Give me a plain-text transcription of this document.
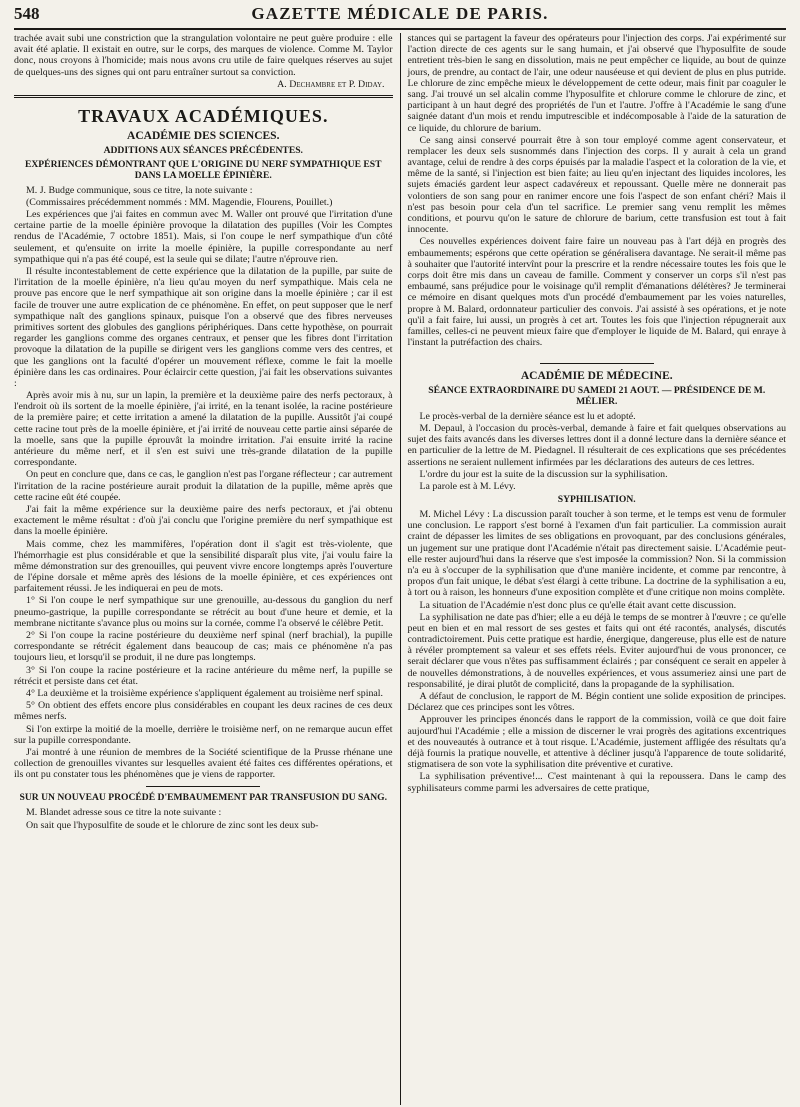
548	GAZETTE MÉDICALE DE PARIS.

trachée avait subi une constriction que la strangulation volontaire ne peut guère produire : elle avait été aplatie. Il existait en outre, sur le corps, des marques de violence. Comme M. Taylor donc, nous croyons à l'homicide; mais nous avons cru utile de faire quelques réserves au sujet de quelques-uns des signes qui ont paru entraîner surtout sa conviction.

A. Dechambre et P. Diday.
TRAVAUX ACADÉMIQUES.
ACADÉMIE DES SCIENCES.
ADDITIONS AUX SÉANCES PRÉCÉDENTES.
EXPÉRIENCES DÉMONTRANT QUE L'ORIGINE DU NERF SYMPATHIQUE EST DANS LA MOELLE ÉPINIÈRE.

M. J. Budge communique, sous ce titre, la note suivante :

(Commissaires précédemment nommés : MM. Magendie, Flourens, Pouillet.)

Les expériences que j'ai faites en commun avec M. Waller ont prouvé que l'irritation d'une certaine partie de la moelle épinière provoque la dilatation des pupilles (Voir les Comptes rendus de l'Académie, 7 octobre 1851). Mais, si l'on coupe le nerf sympathique d'un côté seulement, et qu'ensuite on irrite la moelle épinière, la pupille correspondante au nerf sympathique qui n'a pas été coupé, est la seule qui se dilate; l'autre n'éprouve rien.

Il résulte incontestablement de cette expérience que la dilatation de la pupille, par suite de l'irritation de la moelle épinière, n'a lieu qu'au moyen du nerf sympathique. Mais cela ne prouve pas encore que le nerf sympathique ait son origine dans la moelle épinière ; car il est facile de trouver une autre explication de ce phénomène. En effet, on peut supposer que le nerf sympathique naît des ganglions spinaux, puisque l'on a observé que des fibres nerveuses primitives sortent des globules des ganglions périphériques. Dans cette hypothèse, on pourrait regarder les ganglions comme des organes centraux, et penser que les fibres dont l'irritation provoque la dilatation de la pupille se dirigent vers les ganglions comme vers des centres, et que les ganglions ont la faculté d'opérer un mouvement réflexe, comme le fait la moelle épinière dans les cas ordinaires. Pour éclaircir cette question, j'ai fait les observations suivantes :

Après avoir mis à nu, sur un lapin, la première et la deuxième paire des nerfs pectoraux, à l'endroit où ils sortent de la moelle épinière, j'ai irrité, en la tenant isolée, la racine postérieure de la première paire; et cette irritation a amené la dilatation de la pupille. Aussitôt j'ai coupé cette racine tout près de la moelle épinière, et j'ai irrité de nouveau cette partie ainsi séparée de la moelle, sans que la pupille éprouvât la moindre irritation. J'ai ensuite irrité la racine antérieure du même nerf, et il s'en est suivi une très-grande dilatation de la pupille correspondante.

On peut en conclure que, dans ce cas, le ganglion n'est pas l'organe réflecteur ; car autrement l'irritation de la racine postérieure aurait produit la dilatation de la pupille, même après que cette racine eût été coupée.

J'ai fait la même expérience sur la deuxième paire des nerfs pectoraux, et j'ai obtenu exactement le même résultat : d'où j'ai conclu que l'origine première du nerf sympathique est dans la moelle épinière.

Mais comme, chez les mammifères, l'opération dont il s'agit est très-violente, que l'hémorrhagie est plus considérable et que la sensibilité disparaît plus vite, j'ai voulu faire la même démonstration sur des grenouilles, qui peuvent vivre encore longtemps après l'ouverture de l'épine dorsale et même après des lésions de la moelle épinière, et ces expériences ont parfaitement réussi. Je les indiquerai en peu de mots.

1° Si l'on coupe le nerf sympathique sur une grenouille, au-dessous du ganglion du nerf pneumo-gastrique, la pupille correspondante se rétrécit au bout d'une heure et demie, et la membrane nictitante s'avance plus ou moins sur la cornée, comme l'a observé le célèbre Petit.

2° Si l'on coupe la racine postérieure du deuxième nerf spinal (nerf brachial), la pupille correspondante se rétrécit également dans beaucoup de cas; mais ce phénomène n'a pas toujours lieu, et lorsqu'il se produit, il ne dure pas longtemps.

3° Si l'on coupe la racine postérieure et la racine antérieure du même nerf, la pupille se rétrécit et persiste dans cet état.

4° La deuxième et la troisième expérience s'appliquent également au troisième nerf spinal.

5° On obtient des effets encore plus considérables en coupant les deux racines de ces deux mêmes nerfs.

Si l'on extirpe la moitié de la moelle, derrière le troisième nerf, on ne remarque aucun effet sur la pupille correspondante.

J'ai montré à une réunion de membres de la Société scientifique de la Prusse rhénane une collection de grenouilles vivantes sur lesquelles avaient été faites ces différentes opérations, et ils ont pu constater tous les phénomènes que je viens de rapporter.

SUR UN NOUVEAU PROCÉDÉ D'EMBAUMEMENT PAR TRANSFUSION DU SANG.

M. Blandet adresse sous ce titre la note suivante :

On sait que l'hyposulfite de soude et le chlorure de zinc sont les deux sub-

stances qui se partagent la faveur des opérateurs pour l'injection des corps. J'ai expérimenté sur l'action directe de ces agents sur le sang humain, et j'ai observé que l'hyposulfite de soude entretient très-bien le sang en dissolution, mais ne peut empêcher ce liquide, au bout de quinze jours, de prendre, au contact de l'air, une odeur nauséeuse et qui devient de plus en plus putride. Le chlorure de zinc empêche mieux le développement de cette odeur, mais finit par coaguler le sang. J'ai trouvé un sel alcalin comme l'hyposulfite et chlorure comme le chlorure de zinc, et participant à un haut degré des propriétés de l'un et l'autre. J'offre à l'Académie le sang d'une saignée datant d'un mois et rendu imputrescible et indécomposable à l'aide de la saturation de ce liquide, du chlorure de barium.

Ce sang ainsi conservé pourrait être à son tour employé comme agent conservateur, et remplacer les deux sels susnommés dans l'injection des corps. Il y aurait à cela un grand avantage, celui de rendre à des corps épuisés par la maladie l'aspect et la coloration de la vie, et même de la santé, si l'injection est bien faite; au lieu qu'en injectant des liquides incolores, les sujets émaciés gardent leur aspect cadavéreux et repoussant. Quelle mère ne donnerait pas volontiers de son sang pour en ranimer encore une fois l'aspect de son enfant chéri? Mais il n'est pas besoin pour cela d'un tel sacrifice. Le premier sang venu remplit les mêmes conditions, et pourvu qu'on le sature de chlorure de barium, cette transfusion est tout à fait innocente.

Ces nouvelles expériences doivent faire faire un nouveau pas à l'art déjà en progrès des embaumements; espérons que cette opération se généralisera davantage. Ne serait-il même pas à souhaiter que l'autorité intervînt pour la prescrire et la rendre nécessaire toutes les fois que le corps doit être mis dans un caveau de famille. Comment y conserver un corps s'il n'est pas embaumé, sans préjudice pour le voisinage qu'il remplit d'émanations délétères? Je terminerai ce mémoire en disant quelques mots d'un procédé d'embaumement par les voies naturelles, propre à M. Balard, ordonnateur particulier des convois. J'ai assisté à ses opérations, et je note qu'il a fait faire, lui aussi, un progrès à cet art. Toutes les fois que l'injection répugnerait aux familles, celles-ci ne peuvent mieux faire que d'employer le liquide de M. Balard, qui enraye à l'instant la putréfaction des chairs.

ACADÉMIE DE MÉDECINE.
SÉANCE EXTRAORDINAIRE DU SAMEDI 21 AOUT. — PRÉSIDENCE DE M. MÉLIER.

Le procès-verbal de la dernière séance est lu et adopté.

M. Depaul, à l'occasion du procès-verbal, demande à faire et fait quelques observations au sujet des faits avancés dans les diverses lettres dont il a donné lecture dans la dernière séance et en particulier de la lettre de M. Piedagnel. Il résulterait de ces explications que ses précédentes assertions ne seraient nullement infirmées par les déclarations des auteurs de ces lettres.

L'ordre du jour est la suite de la discussion sur la syphilisation.

La parole est à M. Lévy.

SYPHILISATION.

M. Michel Lévy : La discussion paraît toucher à son terme, et le temps est venu de formuler une conclusion. Le rapport s'est borné à l'examen d'un fait particulier. La commission aurait craint de dépasser les limites de ses obligations en provoquant, par des conclusions générales, un jugement sur une pratique dont l'Académie n'était pas directement saisie. L'Académie peut-elle rester aujourd'hui dans la réserve que s'est imposée la commission? Non. Si la commission n'a eu à s'occuper de la syphilisation que d'une manière incidente, et comme par rencontre, à propos d'un fait unique, le débat s'est élargi à cette tribune. La doctrine de la syphilisation a eu, à tort ou à raison, les honneurs d'une exposition complète et d'une critique non moins complète.

La situation de l'Académie n'est donc plus ce qu'elle était avant cette discussion.

La syphilisation ne date pas d'hier; elle a eu déjà le temps de se montrer à l'œuvre ; ce qu'elle peut en bien et en mal ressort de ses gestes et faits qui ont été racontés, analysés, discutés contradictoirement. Puis cette pratique est hardie, énergique, dangereuse, plus elle est de nature à révéler promptement sa valeur et ses effets réels. Eviter aujourd'hui de vous prononcer, ce serait déclarer que vous n'êtes pas suffisamment éclairés ; par conséquent ce serait en appeler à de nouvelles démonstrations, à de nouvelles expériences, et vous assumeriez ainsi une part de responsabilité, je dirai plutôt de complicité, dans la propagande de la syphilisation.

A défaut de conclusion, le rapport de M. Bégin contient une solide exposition de principes. Déclarez que ces principes sont les vôtres.

Approuver les principes énoncés dans le rapport de la commission, voilà ce que doit faire aujourd'hui l'Académie ; elle a mission de discerner le vrai progrès des agitations excentriques et des nouveautés à outrance et à tout risque. L'Académie, justement affligée des résultats qu'a déjà fournis la pratique nouvelle, et attentive à décliner jusqu'à l'apparence de toute solidarité, stigmatisera de son vote la syphilisation dite préventive et curative.

La syphilisation préventive!... C'est maintenant à qui la repoussera. Dans le camp des syphilisateurs comme parmi les adversaires de cette pratique,
